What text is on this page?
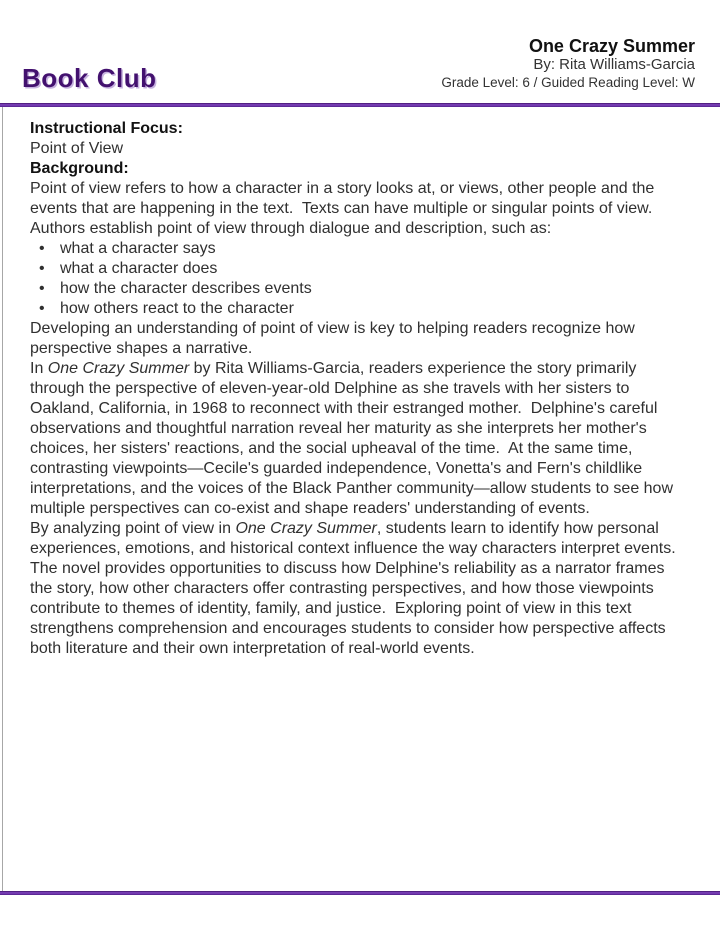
Book Club
One Crazy Summer
By: Rita Williams-Garcia
Grade Level: 6 / Guided Reading Level: W

Instructional Focus:

Point of View

Background:

Point of view refers to how a character in a story looks at, or views, other people and the events that are happening in the text.  Texts can have multiple or singular points of view.

Authors establish point of view through dialogue and description, such as:

• what a character says
• what a character does
• how the character describes events
• how others react to the character

Developing an understanding of point of view is key to helping readers recognize how perspective shapes a narrative.

In One Crazy Summer by Rita Williams-Garcia, readers experience the story primarily through the perspective of eleven-year-old Delphine as she travels with her sisters to Oakland, California, in 1968 to reconnect with their estranged mother.  Delphine's careful observations and thoughtful narration reveal her maturity as she interprets her mother's choices, her sisters' reactions, and the social upheaval of the time.  At the same time, contrasting viewpoints—Cecile's guarded independence, Vonetta's and Fern's childlike interpretations, and the voices of the Black Panther community—allow students to see how multiple perspectives can co-exist and shape readers' understanding of events.

By analyzing point of view in One Crazy Summer, students learn to identify how personal experiences, emotions, and historical context influence the way characters interpret events. The novel provides opportunities to discuss how Delphine's reliability as a narrator frames the story, how other characters offer contrasting perspectives, and how those viewpoints contribute to themes of identity, family, and justice.  Exploring point of view in this text strengthens comprehension and encourages students to consider how perspective affects both literature and their own interpretation of real-world events.
